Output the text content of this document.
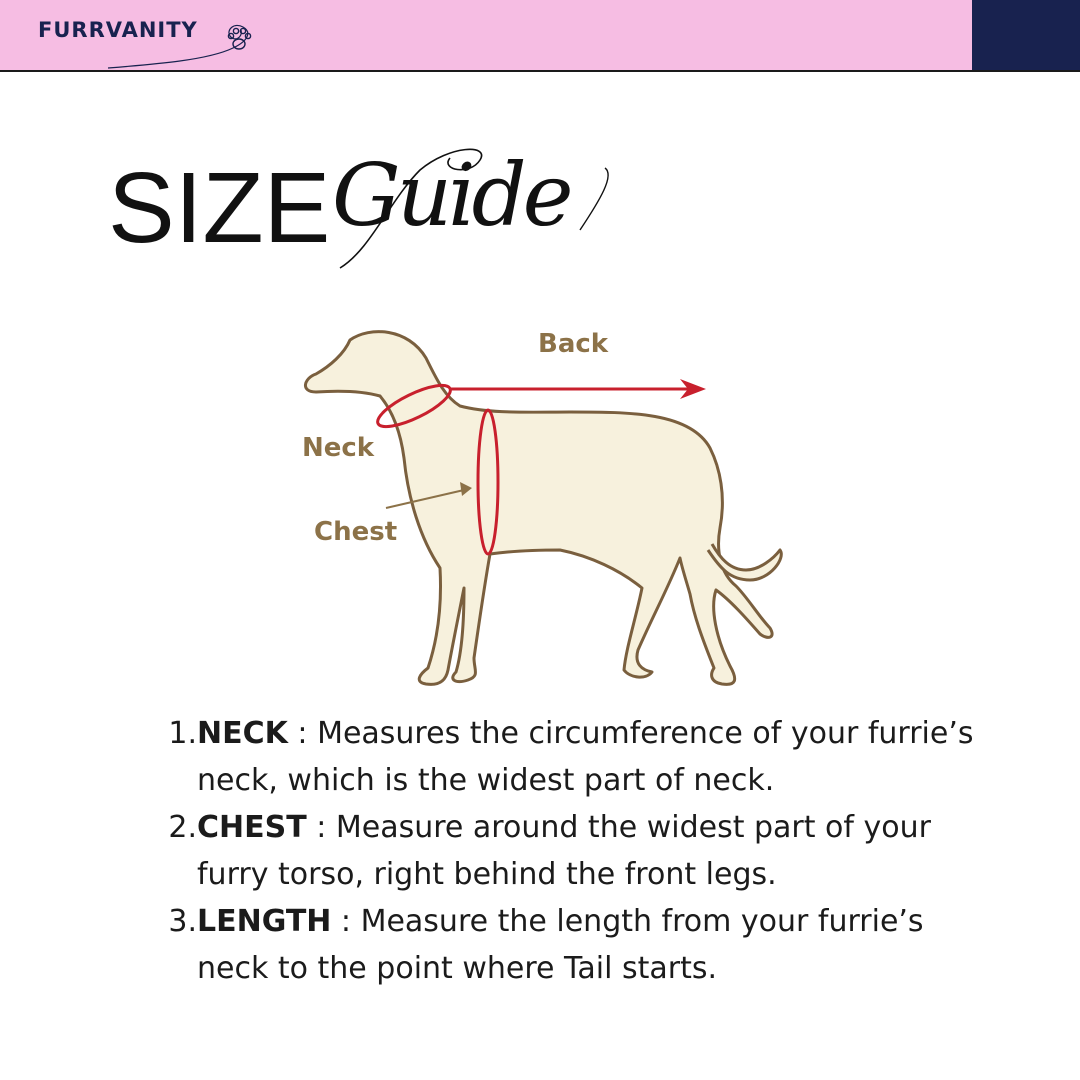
FURRVANITY
SIZE Guide
Back
Neck
Chest
1. NECK : Measures the circumference of your furrie’s neck, which is the widest part of neck.
2. CHEST : Measure around the widest part of your furry torso, right behind the front legs.
3. LENGTH : Measure the length from your furrie’s neck to the point where Tail starts.
